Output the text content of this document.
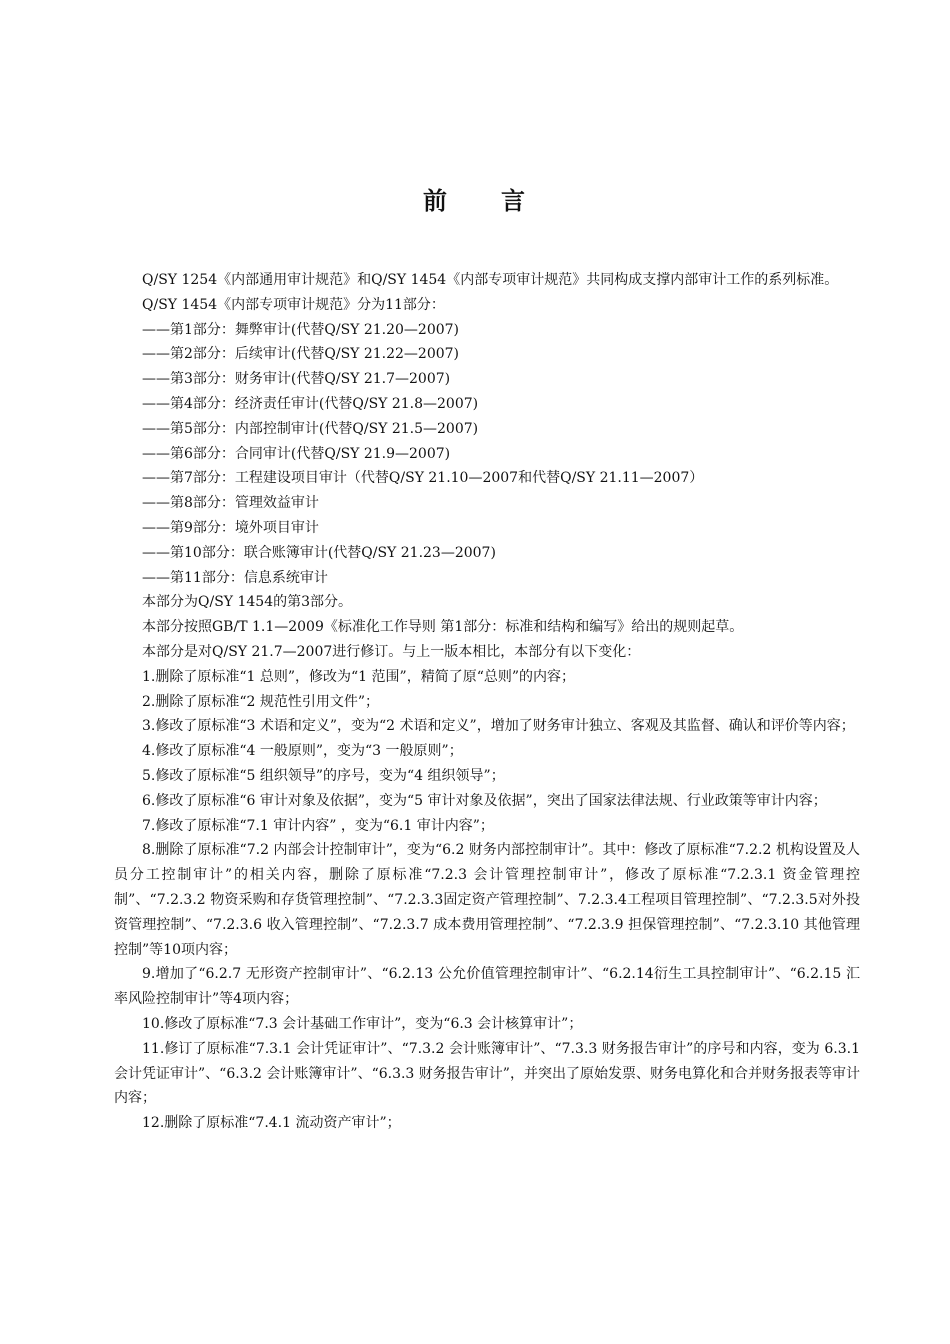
前　　言

Q/SY 1254《内部通用审计规范》和Q/SY 1454《内部专项审计规范》共同构成支撑内部审计工作的系列标准。

Q/SY 1454《内部专项审计规范》分为11部分：

——第1部分：舞弊审计(代替Q/SY 21.20—2007)

——第2部分：后续审计(代替Q/SY 21.22—2007)

——第3部分：财务审计(代替Q/SY 21.7—2007)

——第4部分：经济责任审计(代替Q/SY 21.8—2007)

——第5部分：内部控制审计(代替Q/SY 21.5—2007)

——第6部分：合同审计(代替Q/SY 21.9—2007)

——第7部分：工程建设项目审计（代替Q/SY 21.10—2007和代替Q/SY 21.11—2007）

——第8部分：管理效益审计

——第9部分：境外项目审计

——第10部分：联合账簿审计(代替Q/SY 21.23—2007)

——第11部分：信息系统审计

本部分为Q/SY 1454的第3部分。

本部分按照GB/T 1.1—2009《标准化工作导则 第1部分：标准和结构和编写》给出的规则起草。

本部分是对Q/SY 21.7—2007进行修订。与上一版本相比，本部分有以下变化：

1.删除了原标准“1 总则”，修改为“1 范围”，精简了原“总则”的内容；

2.删除了原标准“2 规范性引用文件”；

3.修改了原标准“3 术语和定义”，变为“2 术语和定义”，增加了财务审计独立、客观及其监督、确认和评价等内容；

4.修改了原标准“4 一般原则”，变为“3 一般原则”；

5.修改了原标准“5 组织领导”的序号，变为“4 组织领导”；

6.修改了原标准“6 审计对象及依据”，变为“5 审计对象及依据”，突出了国家法律法规、行业政策等审计内容；

7.修改了原标准“7.1 审计内容” ，变为“6.1 审计内容”；

8.删除了原标准“7.2 内部会计控制审计”，变为“6.2 财务内部控制审计”。其中：修改了原标准“7.2.2 机构设置及人员分工控制审计”的相关内容，删除了原标准“7.2.3 会计管理控制审计”，修改了原标准“7.2.3.1 资金管理控制”、“7.2.3.2 物资采购和存货管理控制”、“7.2.3.3固定资产管理控制”、7.2.3.4工程项目管理控制”、“7.2.3.5对外投资管理控制”、“7.2.3.6 收入管理控制”、“7.2.3.7 成本费用管理控制”、“7.2.3.9 担保管理控制”、“7.2.3.10 其他管理控制”等10项内容；

9.增加了“6.2.7 无形资产控制审计”、“6.2.13 公允价值管理控制审计”、“6.2.14衍生工具控制审计”、“6.2.15 汇率风险控制审计”等4项内容；

10.修改了原标准“7.3 会计基础工作审计”，变为“6.3 会计核算审计”；

11.修订了原标准“7.3.1 会计凭证审计”、“7.3.2 会计账簿审计”、“7.3.3 财务报告审计”的序号和内容，变为 6.3.1 会计凭证审计”、“6.3.2 会计账簿审计”、“6.3.3 财务报告审计”，并突出了原始发票、财务电算化和合并财务报表等审计内容；

12.删除了原标准“7.4.1 流动资产审计”；
